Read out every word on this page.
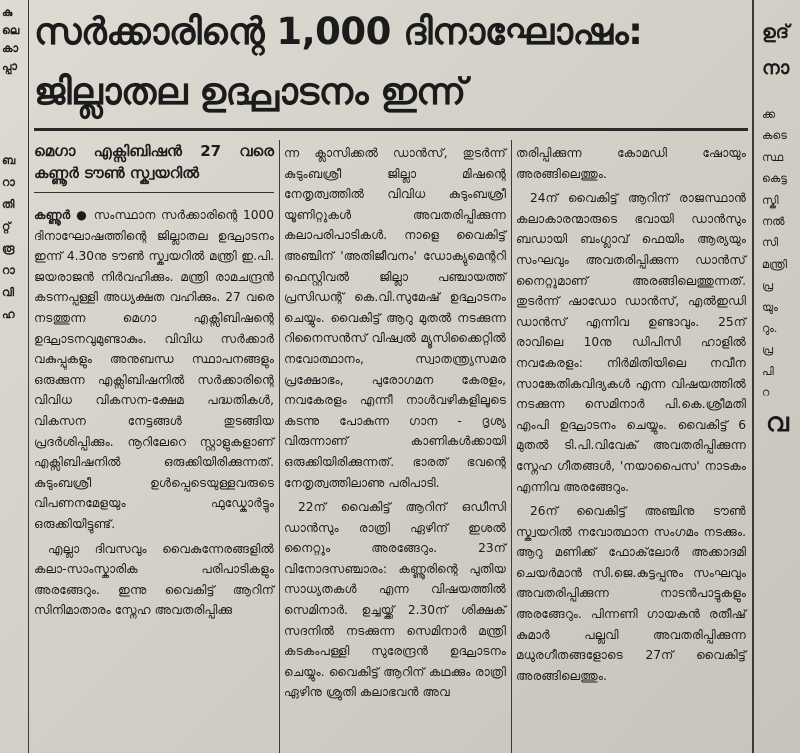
കു
ലെ
കാ
പ്പാ
ബ
റാ
തി
റ്റ്
രൂ
റാ
വി
ഹ
സർക്കാരിന്റെ 1,000 ദിനാഘോഷം:
ജില്ലാതല ഉദ്ഘാടനം ഇന്ന്
മെഗാ എക്സിബിഷൻ 27 വരെ കണ്ണൂർ ടൗൺ സ്ക്വയറിൽ

കണ്ണൂർ ● സംസ്ഥാന സർക്കാരിന്റെ 1000 ദിനാഘോഷത്തിന്റെ ജില്ലാതല ഉദ്ഘാടനം ഇന്ന് 4.30നു ടൗൺ സ്ക്വയറിൽ മന്ത്രി ഇ.പി. ജയരാജൻ നിർവഹിക്കും. മന്ത്രി രാമചന്ദ്രൻ കടന്നപ്പള്ളി അധ്യക്ഷത വഹിക്കും. 27 വരെ നടത്തുന്ന മെഗാ എക്സിബിഷന്റെ ഉദ്ഘാടനവുമുണ്ടാകും. വിവിധ സർക്കാർ വകുപ്പുകളും അനുബന്ധ സ്ഥാപനങ്ങളും ഒരുക്കുന്ന എക്സിബിഷനിൽ സർക്കാരിന്റെ വിവിധ വികസന-ക്ഷേമ പദ്ധതികൾ, വികസന നേട്ടങ്ങൾ തുടങ്ങിയ പ്രദർശിപ്പിക്കും. നൂറിലേറെ സ്റ്റാളുകളാണ് എക്സിബിഷനിൽ ഒരുക്കിയിരിക്കുന്നത്. കുടുംബശ്രീ ഉൾപ്പെടെയുള്ളവരുടെ വിപണനമേളയും ഫുഡ്കോർട്ടും ഒരുക്കിയിട്ടുണ്ട്.

എല്ലാ ദിവസവും വൈകുന്നേരങ്ങളിൽ കലാ-സാംസ്കാരിക പരിപാടികളും അരങ്ങേറും. ഇന്നു വൈകിട്ട് ആറിന് സിനിമാതാരം സ്നേഹ അവതരിപ്പിക്കു

ന്ന ക്ലാസിക്കൽ ഡാൻസ്, തുടർന്ന് കുടുംബശ്രീ ജില്ലാ മിഷന്റെ നേതൃത്വത്തിൽ വിവിധ കുടുംബശ്രീ യൂണിറ്റുകൾ അവതരിപ്പിക്കുന്ന കലാപരിപാടികൾ. നാളെ വൈകിട്ട് അഞ്ചിന് 'അതിജീവനം' ഡോക്യുമെന്ററി ഫെസ്റ്റിവൽ ജില്ലാ പഞ്ചായത്ത് പ്രസിഡന്റ് കെ.വി.സുമേഷ് ഉദ്ഘാടനം ചെയ്യും. വൈകിട്ട് ആറു മുതൽ നടക്കുന്ന റിനൈസൻസ് വിഷ്വൽ മ്യൂസിക്കൈറ്റിൽ നവോത്ഥാനം, സ്വാതന്ത്ര്യസമര പ്രക്ഷോഭം, പുരോഗമന കേരളം, നവകേരളം എന്നീ നാൾവഴികളിലൂടെ കടന്നു പോകുന്ന ഗാന - ദൃശ്യ വിരുന്നാണ് കാണികൾക്കായി ഒരുക്കിയിരിക്കുന്നത്. ഭാരത് ഭവന്റെ നേതൃത്വത്തിലാണു പരിപാടി.

22ന് വൈകിട്ട് ആറിന് ഒഡീസി ഡാൻസും രാത്രി ഏഴിന് ഇശൽ നൈറ്റും അരങ്ങേറും. 23ന് വിനോദസഞ്ചാരം: കണ്ണൂരിന്റെ പുതിയ സാധ്യതകൾ എന്ന വിഷയത്തിൽ സെമിനാർ. ഉച്ചയ്ക്ക് 2.30ന് ശിക്ഷക് സദനിൽ നടക്കുന്ന സെമിനാർ മന്ത്രി കടകംപള്ളി സുരേന്ദ്രൻ ഉദ്ഘാടനം ചെയ്യും. വൈകിട്ട് ആറിന് കഥക്കും രാത്രി ഏഴിനു ശ്രുതി കലാഭവൻ അവ

തരിപ്പിക്കുന്ന കോമഡി ഷോയും അരങ്ങിലെത്തും.

24ന് വൈകിട്ട് ആറിന് രാജസ്ഥാൻ കലാകാരന്മാരുടെ ഭവായി ഡാൻസും ബഡായി ബംഗ്ലാവ് ഫെയിം ആര്യയും സംഘവും അവതരിപ്പിക്കുന്ന ഡാൻസ് നൈറ്റുമാണ് അരങ്ങിലെത്തുന്നത്. തുടർന്ന് ഷാഡോ ഡാൻസ്, എൽഇഡി ഡാൻസ് എന്നിവ ഉണ്ടാവും. 25ന് രാവിലെ 10നു ഡിപിസി ഹാളിൽ നവകേരളം: നിർമിതിയിലെ നവീന സാങ്കേതികവിദ്യകൾ എന്ന വിഷയത്തിൽ നടക്കുന്ന സെമിനാർ പി.കെ.ശ്രീമതി എംപി ഉദ്ഘാടനം ചെയ്യും. വൈകിട്ട് 6 മുതൽ ടി.പി.വിവേക് അവതരിപ്പിക്കുന്ന സ്നേഹ ഗീതങ്ങൾ, 'നയാപൈസ' നാടകം എന്നിവ അരങ്ങേറും.

26ന് വൈകിട്ട് അഞ്ചിനു ടൗൺ സ്ക്വയറിൽ നവോത്ഥാന സംഗമം നടക്കും. ആറു മണിക്ക് ഫോക്‌ലോർ അക്കാദമി ചെയർമാൻ സി.ജെ.കുട്ടപ്പനും സംഘവും അവതരിപ്പിക്കുന്ന നാടൻപാട്ടുകളും അരങ്ങേറും. പിന്നണി ഗായകൻ രതീഷ് കുമാർ പല്ലവി അവതരിപ്പിക്കുന്ന മധുരഗീതങ്ങളോടെ 27ന് വൈകിട്ട് അരങ്ങിലെത്തും.

ഉദ്
നാ
ക്ക
കടെ
സ്ഥ
കെട്ട
സ്കി
നൽ
സി
മന്ത്രി
പ്ര
യും
റും.
പ്ര
പി
റ
വ
